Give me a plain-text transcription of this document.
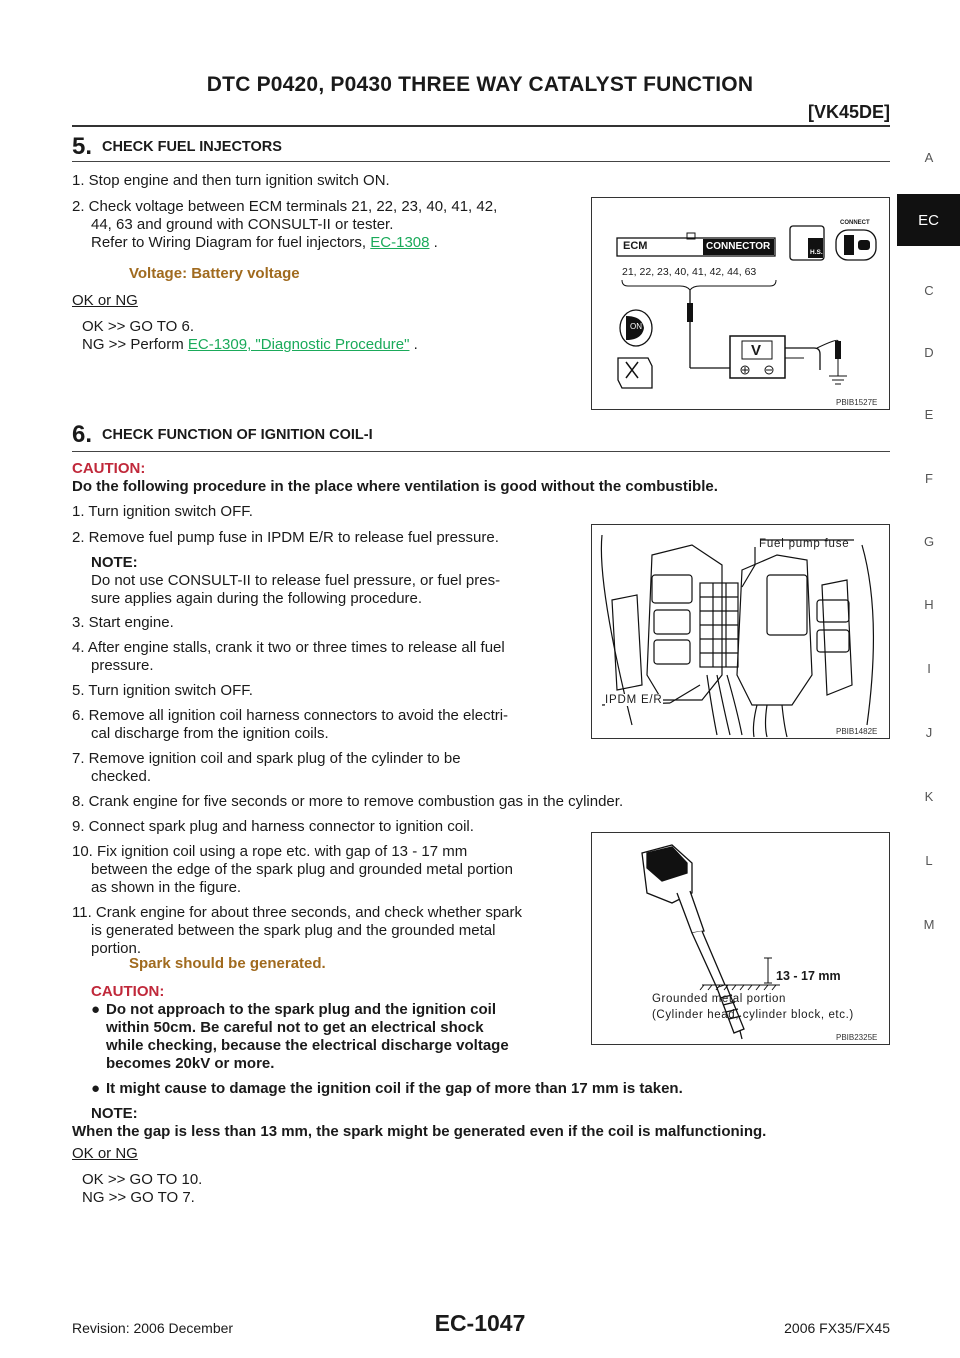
DTC P0420, P0430 THREE WAY CATALYST FUNCTION
[VK45DE]
A
EC
C
D
E
F
G
H
I
J
K
L
M
5. CHECK FUEL INJECTORS
1. Stop engine and then turn ignition switch ON.
2. Check voltage between ECM terminals 21, 22, 23, 40, 41, 42,
44, 63 and ground with CONSULT-II or tester.
Refer to Wiring Diagram for fuel injectors, EC-1308 .
Voltage: Battery voltage
OK or NG
OK >> GO TO 6.
NG >> Perform EC-1309, "Diagnostic Procedure" .
ECM	CONNECTOR
21, 22, 23, 40, 41, 42, 44, 63
CONNECT
H.S.
ON
V
PBIB1527E
6. CHECK FUNCTION OF IGNITION COIL-I
CAUTION:
Do the following procedure in the place where ventilation is good without the combustible.
1. Turn ignition switch OFF.
2. Remove fuel pump fuse in IPDM E/R to release fuel pressure.
NOTE:
Do not use CONSULT-II to release fuel pressure, or fuel pres-
sure applies again during the following procedure.
3. Start engine.
4. After engine stalls, crank it two or three times to release all fuel
pressure.
5. Turn ignition switch OFF.
6. Remove all ignition coil harness connectors to avoid the electri-
cal discharge from the ignition coils.
7. Remove ignition coil and spark plug of the cylinder to be
checked.
8. Crank engine for five seconds or more to remove combustion gas in the cylinder.
9. Connect spark plug and harness connector to ignition coil.
10. Fix ignition coil using a rope etc. with gap of 13 - 17 mm
between the edge of the spark plug and grounded metal portion
as shown in the figure.
11. Crank engine for about three seconds, and check whether spark
is generated between the spark plug and the grounded metal
portion.
Spark should be generated.
CAUTION:
● Do not approach to the spark plug and the ignition coil
within 50cm. Be careful not to get an electrical shock
while checking, because the electrical discharge voltage
becomes 20kV or more.
● It might cause to damage the ignition coil if the gap of more than 17 mm is taken.
NOTE:
When the gap is less than 13 mm, the spark might be generated even if the coil is malfunctioning.
OK or NG
OK >> GO TO 10.
NG >> GO TO 7.
Fuel pump fuse
IPDM E/R
PBIB1482E
13 - 17 mm
Grounded metal portion
(Cylinder head, cylinder block, etc.)
PBIB2325E
Revision: 2006 December	EC-1047	2006 FX35/FX45
